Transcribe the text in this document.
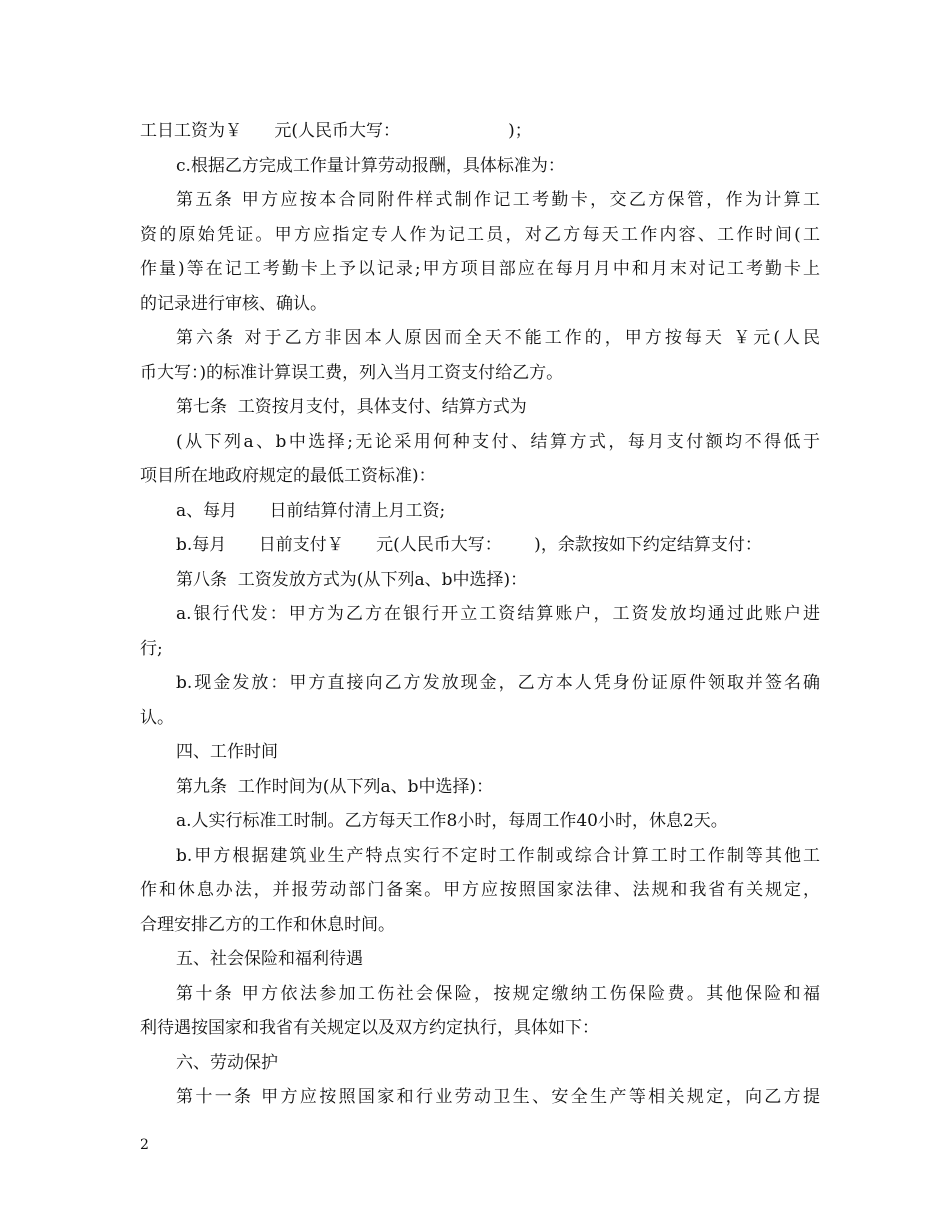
工日工资为￥      元(人民币大写：                    )；
c.根据乙方完成工作量计算劳动报酬，具体标准为：
第五条 甲方应按本合同附件样式制作记工考勤卡，交乙方保管，作为计算工
资的原始凭证。甲方应指定专人作为记工员，对乙方每天工作内容、工作时间(工
作量)等在记工考勤卡上予以记录;甲方项目部应在每月月中和月末对记工考勤卡上
的记录进行审核、确认。
第六条 对于乙方非因本人原因而全天不能工作的，甲方按每天 ￥元(人民
币大写：)的标准计算误工费，列入当月工资支付给乙方。
第七条  工资按月支付，具体支付、结算方式为
(从下列a、b中选择;无论采用何种支付、结算方式，每月支付额均不得低于
项目所在地政府规定的最低工资标准)：
a、每月      日前结算付清上月工资;
b.每月      日前支付￥      元(人民币大写：      )，余款按如下约定结算支付：
第八条  工资发放方式为(从下列a、b中选择)：
a.银行代发：甲方为乙方在银行开立工资结算账户，工资发放均通过此账户进
行;
b.现金发放：甲方直接向乙方发放现金，乙方本人凭身份证原件领取并签名确
认。
四、工作时间
第九条  工作时间为(从下列a、b中选择)：
a.人实行标准工时制。乙方每天工作8小时，每周工作40小时，休息2天。
b.甲方根据建筑业生产特点实行不定时工作制或综合计算工时工作制等其他工
作和休息办法，并报劳动部门备案。甲方应按照国家法律、法规和我省有关规定，
合理安排乙方的工作和休息时间。
五、社会保险和福利待遇
第十条 甲方依法参加工伤社会保险，按规定缴纳工伤保险费。其他保险和福
利待遇按国家和我省有关规定以及双方约定执行，具体如下：
六、劳动保护
第十一条 甲方应按照国家和行业劳动卫生、安全生产等相关规定，向乙方提
2
